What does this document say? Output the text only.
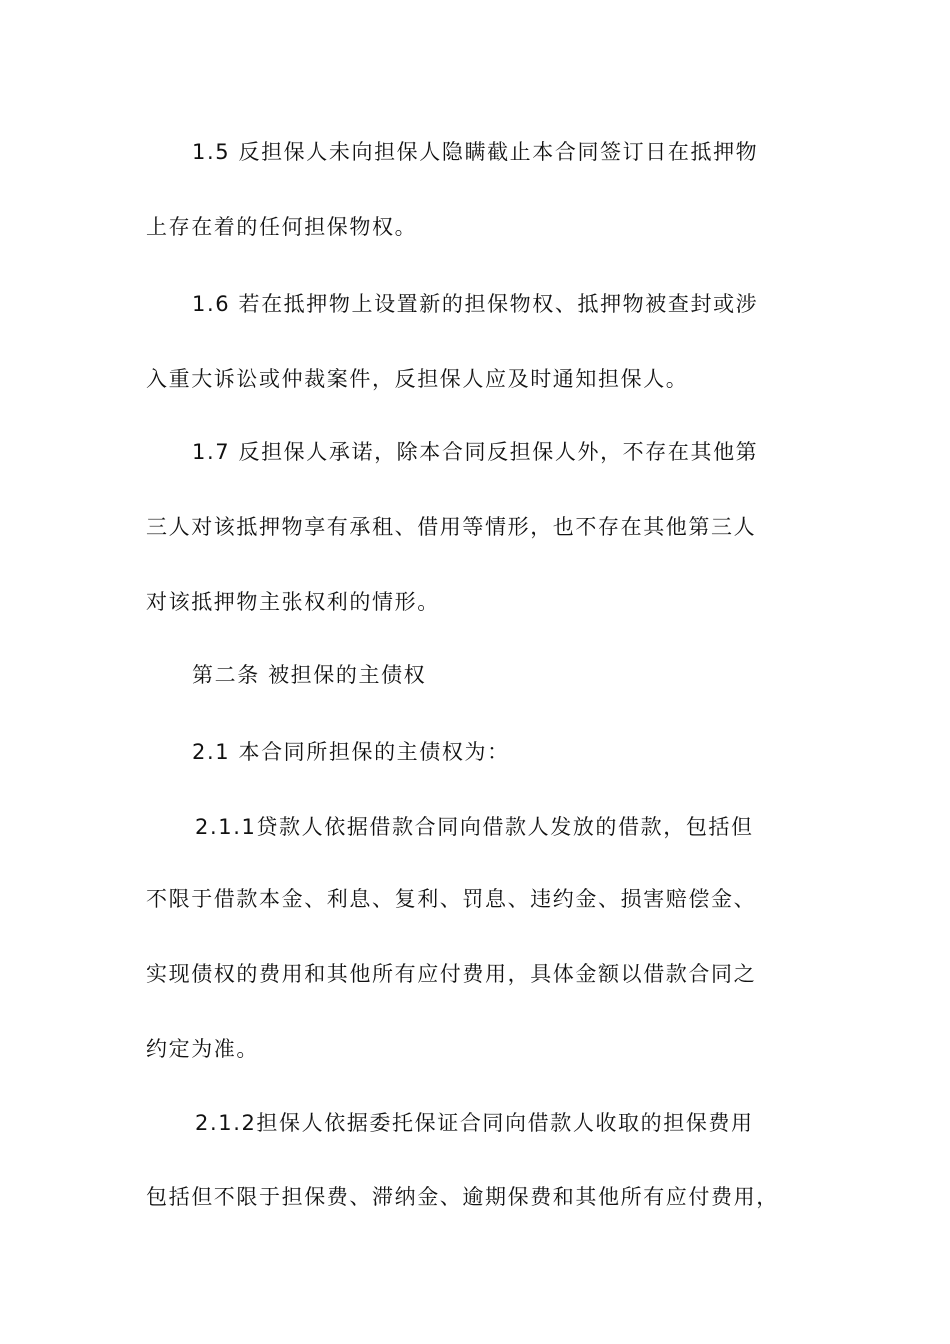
1.5 反担保人未向担保人隐瞒截止本合同签订日在抵押物
上存在着的任何担保物权。
1.6 若在抵押物上设置新的担保物权、抵押物被查封或涉
入重大诉讼或仲裁案件，反担保人应及时通知担保人。
1.7 反担保人承诺，除本合同反担保人外，不存在其他第
三人对该抵押物享有承租、借用等情形，也不存在其他第三人
对该抵押物主张权利的情形。
第二条 被担保的主债权
2.1 本合同所担保的主债权为：
2.1.1贷款人依据借款合同向借款人发放的借款，包括但
不限于借款本金、利息、复利、罚息、违约金、损害赔偿金、
实现债权的费用和其他所有应付费用，具体金额以借款合同之
约定为准。
2.1.2担保人依据委托保证合同向借款人收取的担保费用
包括但不限于担保费、滞纳金、逾期保费和其他所有应付费用，
